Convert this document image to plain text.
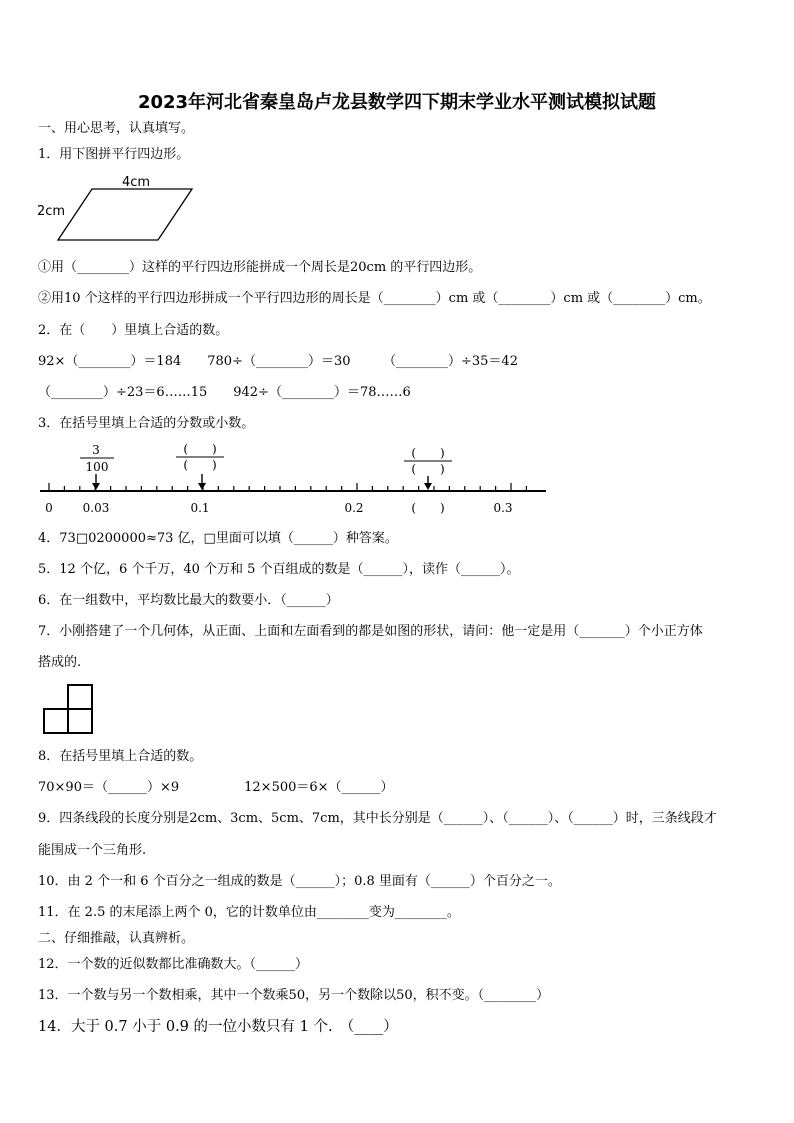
2023年河北省秦皇岛卢龙县数学四下期末学业水平测试模拟试题
一、用心思考，认真填写。
1．用下图拼平行四边形。
4cm
2cm
①用（________）这样的平行四边形能拼成一个周长是20cm 的平行四边形。
②用10 个这样的平行四边形拼成一个平行四边形的周长是（________）cm 或（________）cm 或（________）cm。
2．在（　　）里填上合适的数。
92×（________）＝184　　780÷（________）＝30　　　（________）÷35＝42
（________）÷23＝6……15　　942÷（________）＝78……6
3．在括号里填上合适的分数或小数。
3
100
(　　)
(　　)
(　　)
(　　)
0 0.03	0.1	0.2	(　　)	0.3
4．73□0200000≈73 亿，□里面可以填（______）种答案。
5．12 个亿，6 个千万，40 个万和 5 个百组成的数是（______），读作（______）。
6．在一组数中，平均数比最大的数要小．（______）
7．小刚搭建了一个几何体，从正面、上面和左面看到的都是如图的形状，请问：他一定是用（_______）个小正方体
搭成的.
8．在括号里填上合适的数。
70×90＝（______）×9　　　　　12×500＝6×（______）
9．四条线段的长度分别是2cm、3cm、5cm、7cm，其中长分别是（______）、（______）、（______）时，三条线段才
能围成一个三角形.
10．由 2 个一和 6 个百分之一组成的数是（______）；0.8 里面有（______）个百分之一。
11．在 2.5 的末尾添上两个 0，它的计数单位由________变为________。
二、仔细推敲，认真辨析。
12．一个数的近似数都比准确数大。（______）
13．一个数与另一个数相乘，其中一个数乘50，另一个数除以50，积不变。（________）
14．大于 0.7 小于 0.9 的一位小数只有 1 个.　（____）
